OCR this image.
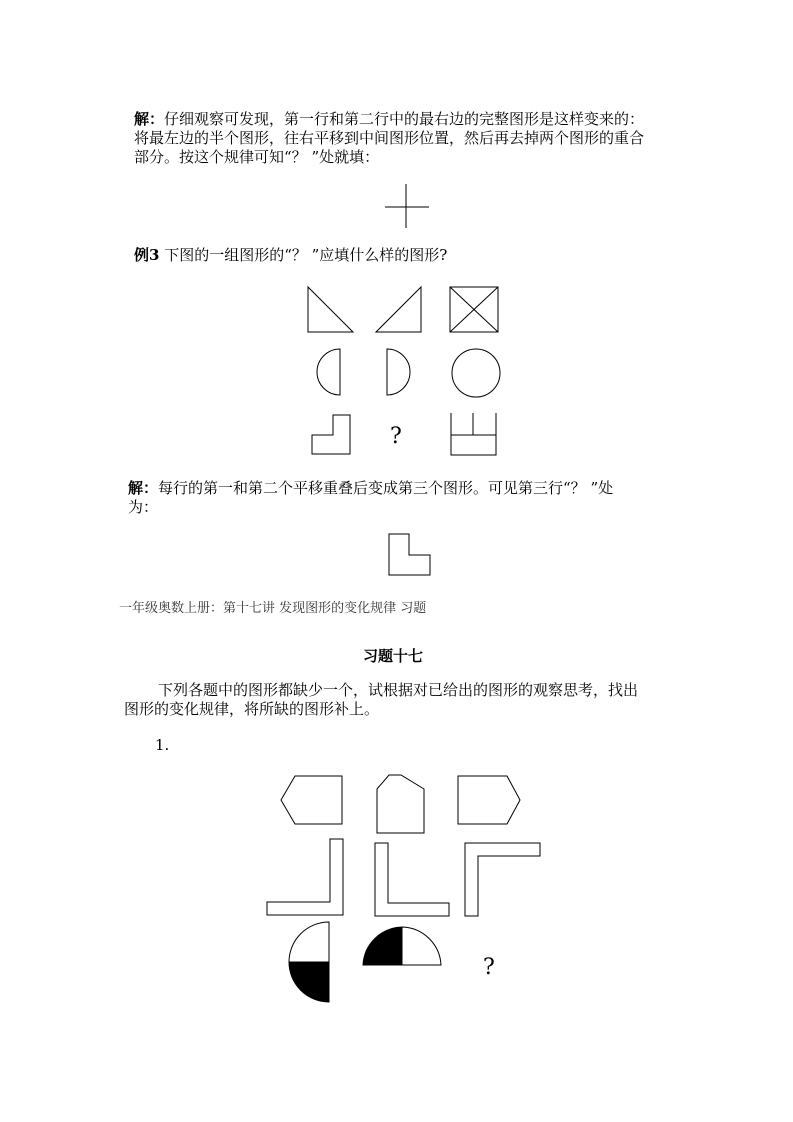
解：仔细观察可发现，第一行和第二行中的最右边的完整图形是这样变来的：
将最左边的半个图形，往右平移到中间图形位置，然后再去掉两个图形的重合
部分。按这个规律可知“？ ”处就填：
例3 下图的一组图形的“？ ”应填什么样的图形?
?
解：每行的第一和第二个平移重叠后变成第三个图形。可见第三行“？ ”处
为：
一年级奥数上册：第十七讲 发现图形的变化规律 习题
习题十七
下列各题中的图形都缺少一个，试根据对已给出的图形的观察思考，找出
图形的变化规律，将所缺的图形补上。
1.
?
